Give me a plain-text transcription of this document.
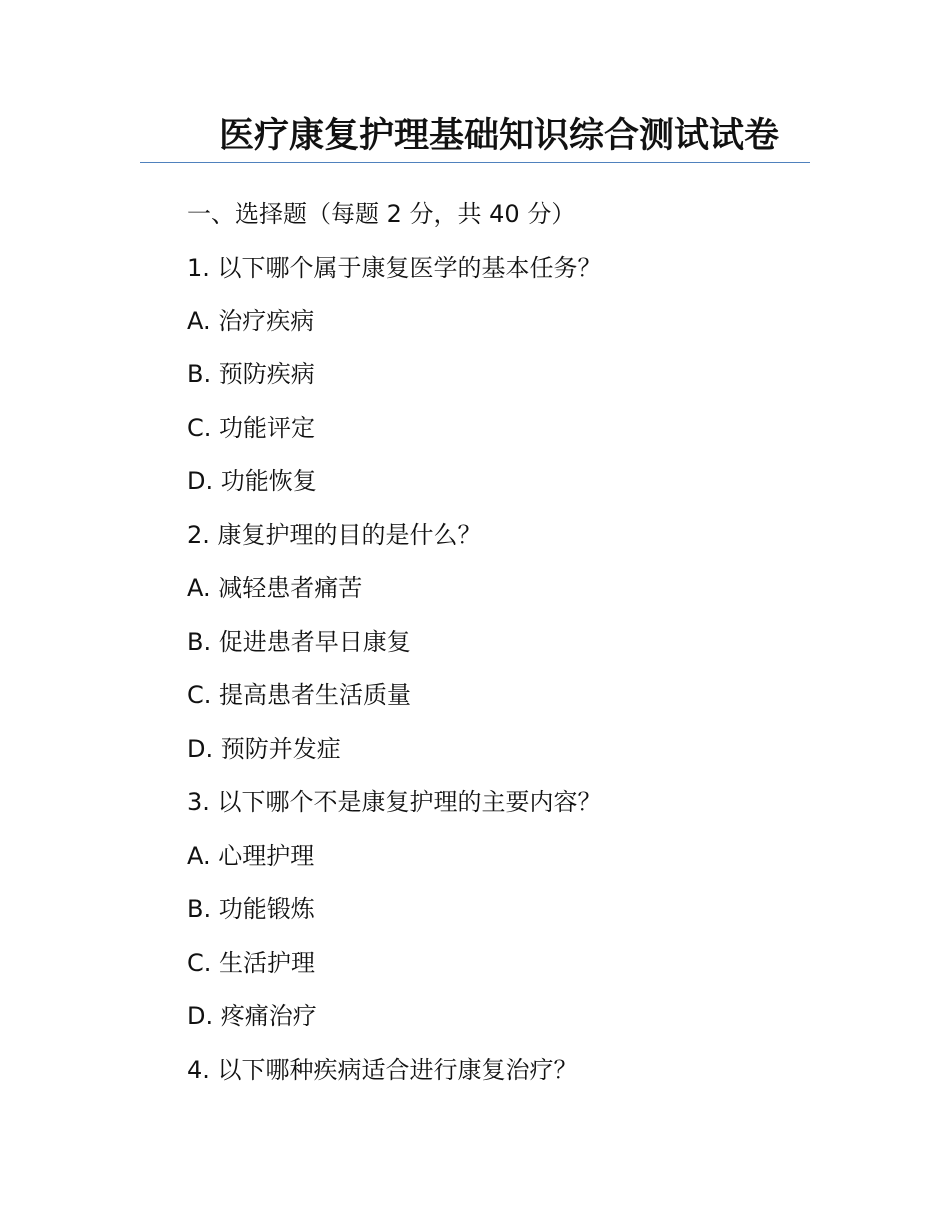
医疗康复护理基础知识综合测试试卷
一、选择题（每题 2 分，共 40 分）
1. 以下哪个属于康复医学的基本任务？
A. 治疗疾病
B. 预防疾病
C. 功能评定
D. 功能恢复
2. 康复护理的目的是什么？
A. 减轻患者痛苦
B. 促进患者早日康复
C. 提高患者生活质量
D. 预防并发症
3. 以下哪个不是康复护理的主要内容？
A. 心理护理
B. 功能锻炼
C. 生活护理
D. 疼痛治疗
4. 以下哪种疾病适合进行康复治疗？
